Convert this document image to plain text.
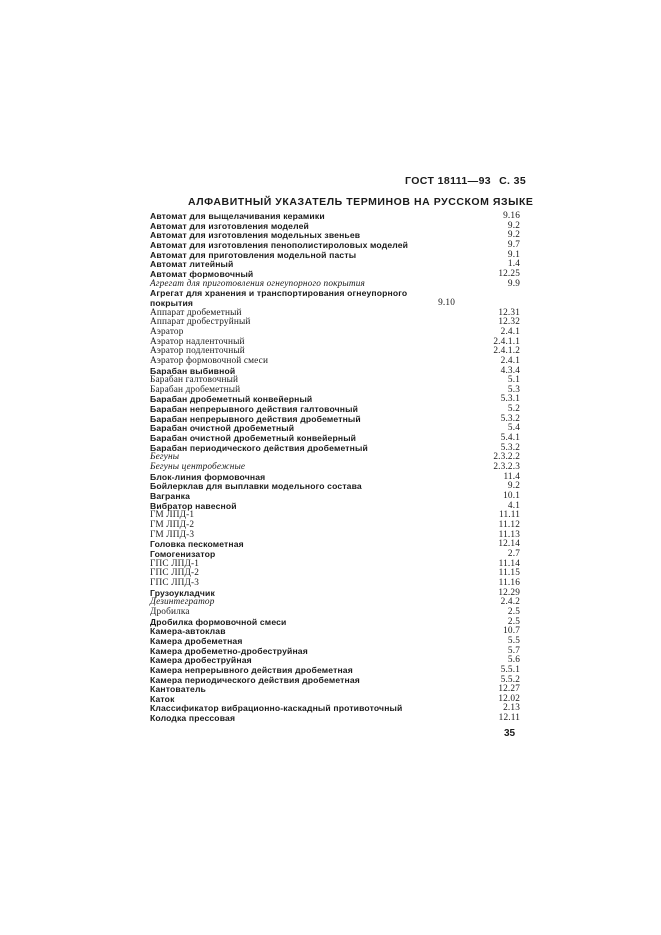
ГОСТ 18111—93 С. 35
АЛФАВИТНЫЙ УКАЗАТЕЛЬ ТЕРМИНОВ НА РУССКОМ ЯЗЫКЕ
Автомат для выщелачивания керамики	9.16
Автомат для изготовления моделей	9.2
Автомат для изготовления модельных звеньев	9.2
Автомат для изготовления пенополистироловых моделей	9.7
Автомат для приготовления модельной пасты	9.1
Автомат литейный	1.4
Автомат формовочный	12.25
Агрегат для приготовления огнеупорного покрытия	9.9
Агрегат для хранения и транспортирования огнеупорного покрытия	9.10
Аппарат дробеметный	12.31
Аппарат дробеструйный	12.32
Аэратор	2.4.1
Аэратор надленточный	2.4.1.1
Аэратор подленточный	2.4.1.2
Аэратор формовочной смеси	2.4.1
Барабан выбивной	4.3.4
Барабан галтовочный	5.1
Барабан дробеметный	5.3
Барабан дробеметный конвейерный	5.3.1
Барабан непрерывного действия галтовочный	5.2
Барабан непрерывного действия дробеметный	5.3.2
Барабан очистной дробеметный	5.4
Барабан очистной дробеметный конвейерный	5.4.1
Барабан периодического действия дробеметный	5.3.2
Бегуны	2.3.2.2
Бегуны центробежные	2.3.2.3
Блок-линия формовочная	11.4
Бойлерклав для выплавки модельного состава	9.2
Вагранка	10.1
Вибратор навесной	4.1
ГМ ЛПД-1	11.11
ГМ ЛПД-2	11.12
ГМ ЛПД-3	11.13
Головка пескометная	12.14
Гомогенизатор	2.7
ГПС ЛПД-1	11.14
ГПС ЛПД-2	11.15
ГПС ЛПД-3	11.16
Грузоукладчик	12.29
Дезинтегратор	2.4.2
Дробилка	2.5
Дробилка формовочной смеси	2.5
Камера-автоклав	10.7
Камера дробеметная	5.5
Камера дробеметно-дробеструйная	5.7
Камера дробеструйная	5.6
Камера непрерывного действия дробеметная	5.5.1
Камера периодического действия дробеметная	5.5.2
Кантователь	12.27
Каток	12.02
Классификатор вибрационно-каскадный противоточный	2.13
Колодка прессовая	12.11
35
